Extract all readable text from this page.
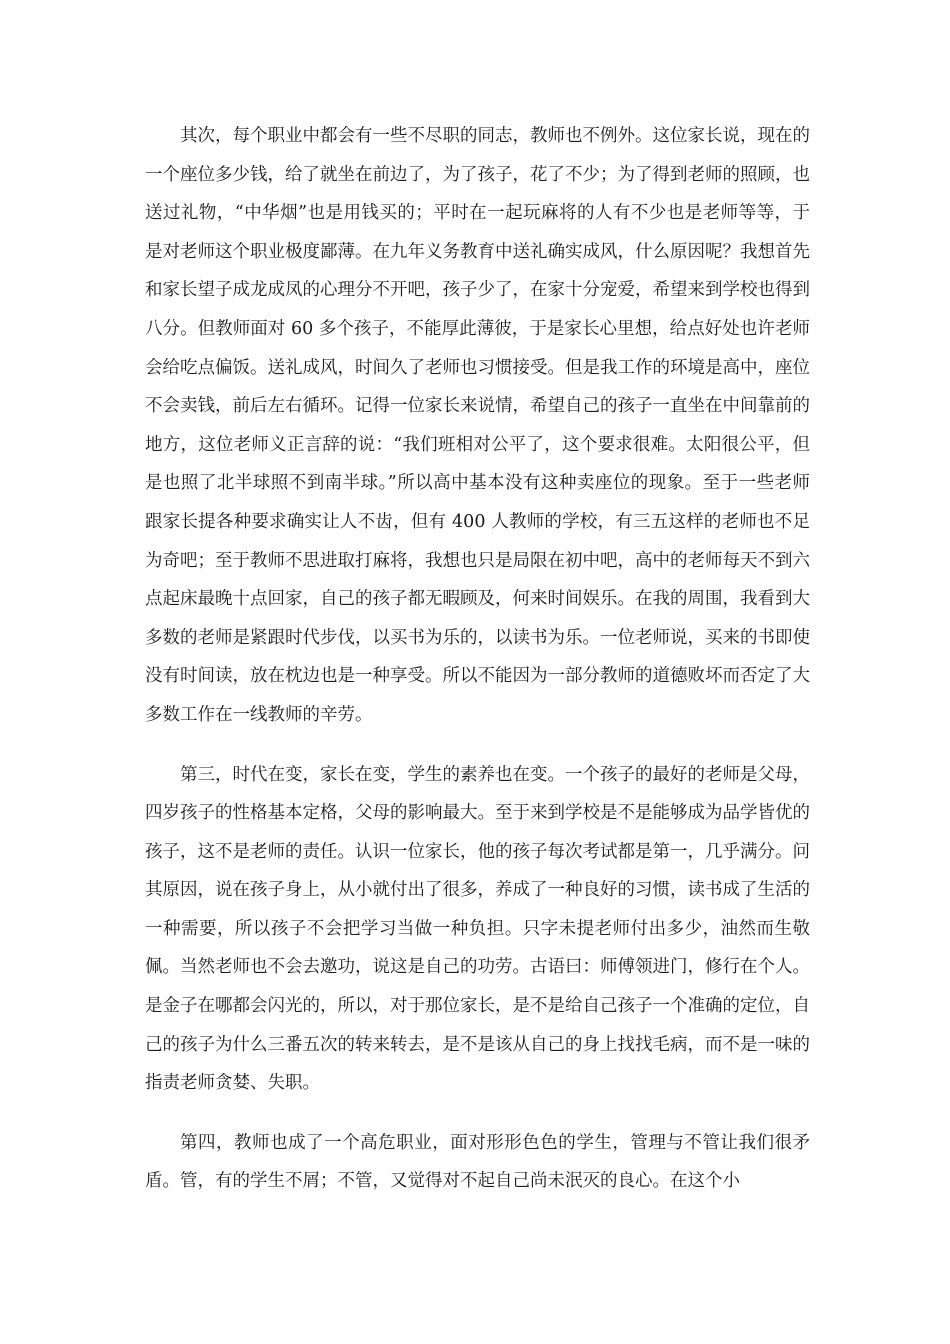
其次，每个职业中都会有一些不尽职的同志，教师也不例外。这位家长说，现在的一个座位多少钱，给了就坐在前边了，为了孩子，花了不少；为了得到老师的照顾，也送过礼物，“中华烟”也是用钱买的；平时在一起玩麻将的人有不少也是老师等等，于是对老师这个职业极度鄙薄。在九年义务教育中送礼确实成风，什么原因呢？我想首先和家长望子成龙成凤的心理分不开吧，孩子少了，在家十分宠爱，希望来到学校也得到八分。但教师面对 60 多个孩子，不能厚此薄彼，于是家长心里想，给点好处也许老师会给吃点偏饭。送礼成风，时间久了老师也习惯接受。但是我工作的环境是高中，座位不会卖钱，前后左右循环。记得一位家长来说情，希望自己的孩子一直坐在中间靠前的地方，这位老师义正言辞的说：“我们班相对公平了，这个要求很难。太阳很公平，但是也照了北半球照不到南半球。”所以高中基本没有这种卖座位的现象。至于一些老师跟家长提各种要求确实让人不齿，但有 400 人教师的学校，有三五这样的老师也不足为奇吧；至于教师不思进取打麻将，我想也只是局限在初中吧，高中的老师每天不到六点起床最晚十点回家，自己的孩子都无暇顾及，何来时间娱乐。在我的周围，我看到大多数的老师是紧跟时代步伐，以买书为乐的，以读书为乐。一位老师说，买来的书即使没有时间读，放在枕边也是一种享受。所以不能因为一部分教师的道德败坏而否定了大多数工作在一线教师的辛劳。

第三，时代在变，家长在变，学生的素养也在变。一个孩子的最好的老师是父母，四岁孩子的性格基本定格，父母的影响最大。至于来到学校是不是能够成为品学皆优的孩子，这不是老师的责任。认识一位家长，他的孩子每次考试都是第一，几乎满分。问其原因，说在孩子身上，从小就付出了很多，养成了一种良好的习惯，读书成了生活的一种需要，所以孩子不会把学习当做一种负担。只字未提老师付出多少，油然而生敬佩。当然老师也不会去邀功，说这是自己的功劳。古语曰：师傅领进门，修行在个人。是金子在哪都会闪光的，所以，对于那位家长，是不是给自己孩子一个准确的定位，自己的孩子为什么三番五次的转来转去，是不是该从自己的身上找找毛病，而不是一味的指责老师贪婪、失职。

第四，教师也成了一个高危职业，面对形形色色的学生，管理与不管让我们很矛盾。管，有的学生不屑；不管，又觉得对不起自己尚未泯灭的良心。在这个小
